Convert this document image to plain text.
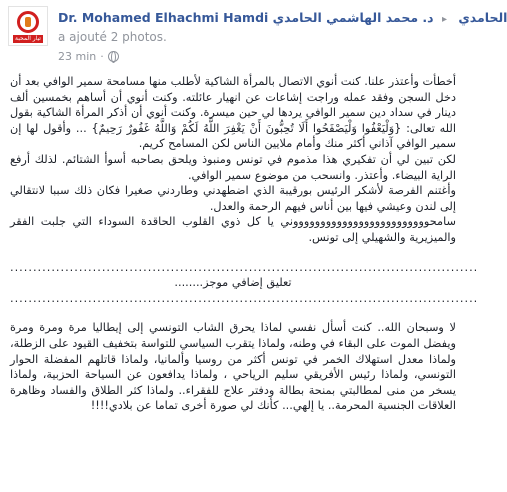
تيار المحبة
Dr. Mohamed Elhachmi Hamdi	الحامدي ▸ د. محمد الهاشمي الحامدي
a ajouté 2 photos.
23 min ·

أخطأت وأعتذر علنا. كنت أنوي الاتصال بالمرأة الشاكية لأطلب منها مسامحة سمير الوافي بعد أن دخل السجن وفقد عمله وراجت إشاعات عن انهيار عائلته. وكنت أنوي أن أساهم بخمسين ألف دينار في سداد دين سمير الوافي يردها لي حين ميسرة. وكنت أنوي أن أذكر المرأة الشاكية بقول الله تعالى: {وَلْيَعْفُوا وَلْيَصْفَحُوا أَلَا تُحِبُّونَ أَنْ يَغْفِرَ اللَّهُ لَكُمْ وَاللَّهُ غَفُورٌ رَحِيمٌ} ... وأقول لها إن سمير الوافي آذاني أكثر منك وأمام ملايين الناس لكن المسامح كريم.

لكن تبين لي أن تفكيري هذا مذموم في تونس ومنبوذ ويلحق بصاحبه أسوأ الشتائم. لذلك أرفع الراية البيضاء. وأعتذر. وانسحب من موضوع سمير الوافي.

وأغتنم الفرصة لأشكر الرئيس بورقيبة الذي اضطهدني وطاردني صغيرا فكان ذلك سببا لانتقالي إلى لندن وعيشي فيها بين أناس فيهم الرحمة والعدل.

سامحوووووووووووووووووووووووووني يا كل ذوي القلوب الحاقدة السوداء التي جلبت الفقر والميزيرية والشهيلي إلى تونس.

......................................................................................................

تعليق إضافي موجز........

......................................................................................................

لا وسبحان الله.. كنت أسأل نفسي لماذا يحرق الشاب التونسي إلى إيطاليا مرة ومرة ومرة ويفضل الموت على البقاء في وطنه، ولماذا يتقرب السياسي للتواسة بتخفيف القيود على الزطلة، ولماذا معدل استهلاك الخمر في تونس أكثر من روسيا وألمانيا، ولماذا قاتلهم المفضلة الحوار التونسي، ولماذا رئيس الأفريقي سليم الرياحي ، ولماذا يدافعون عن السياحة الحزبية، ولماذا يسخر من منى لمطالبتي بمنحة بطالة ودفتر علاج للفقراء.. ولماذا كثر الطلاق والفساد وظاهرة العلاقات الجنسية المحرمة.. يا إلهي... كأنك لي صورة أخرى تماما عن بلادي!!!!
